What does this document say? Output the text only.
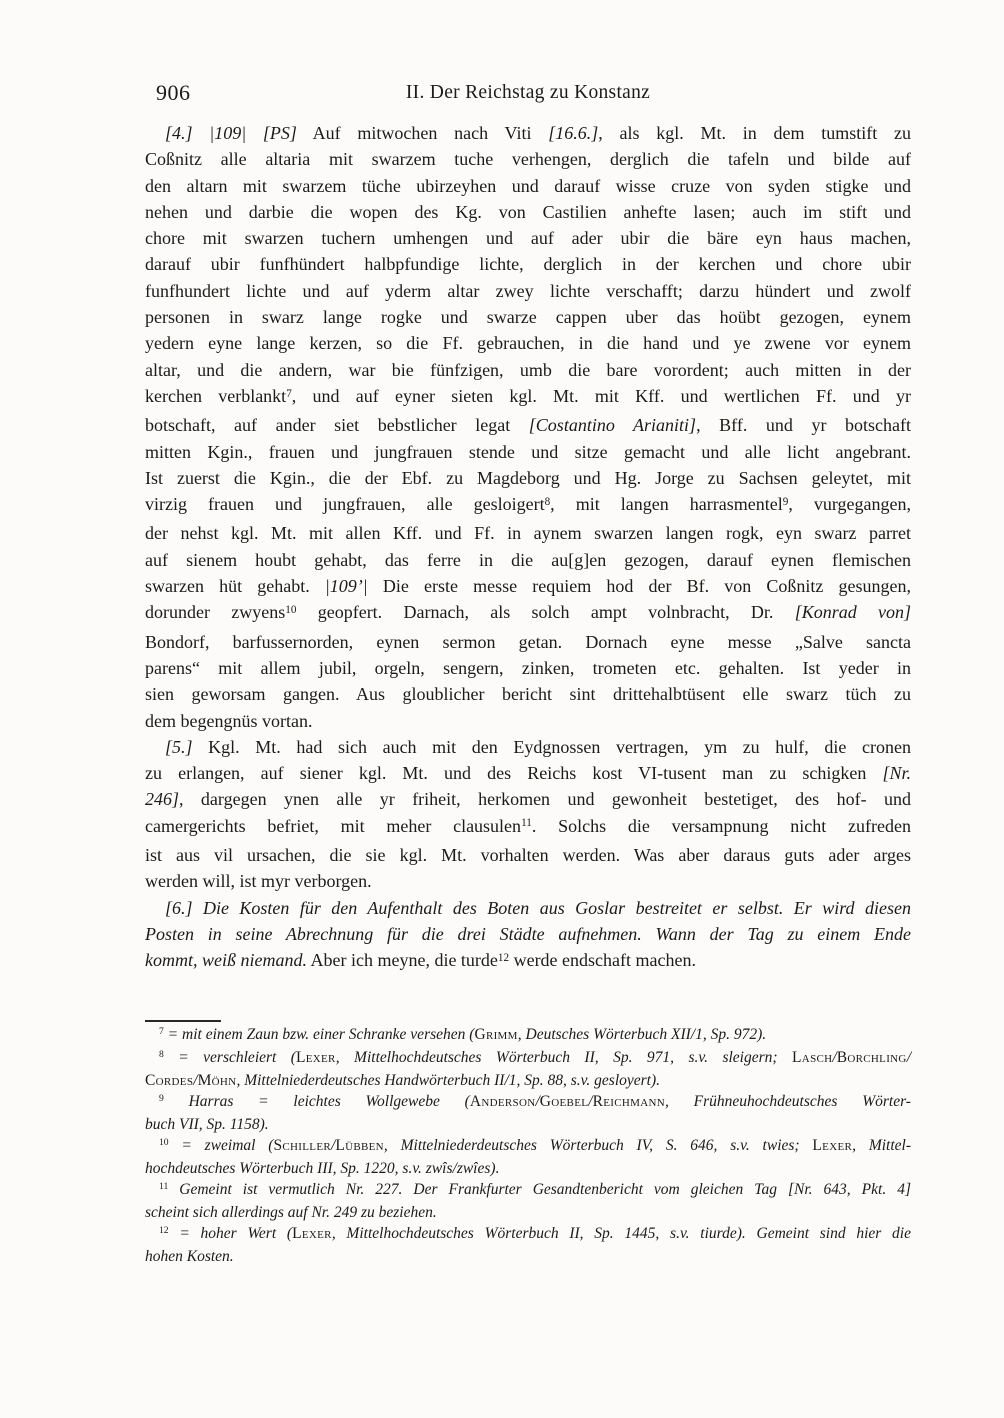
906	II. Der Reichstag zu Konstanz
[4.] |109| [PS] Auf mitwochen nach Viti [16.6.], als kgl. Mt. in dem tumstift zu
Coßnitz alle altaria mit swarzem tuche verhengen, derglich die tafeln und bilde auf
den altarn mit swarzem tüche ubirzeyhen und darauf wisse cruze von syden stigke und
nehen und darbie die wopen des Kg. von Castilien anhefte lasen; auch im stift und
chore mit swarzen tuchern umhengen und auf ader ubir die bäre eyn haus machen,
darauf ubir funfhündert halbpfundige lichte, derglich in der kerchen und chore ubir
funfhundert lichte und auf yderm altar zwey lichte verschafft; darzu hündert und zwolf
personen in swarz lange rogke und swarze cappen uber das hoübt gezogen, eynem
yedern eyne lange kerzen, so die Ff. gebrauchen, in die hand und ye zwene vor eynem
altar, und die andern, war bie fünfzigen, umb die bare vorordent; auch mitten in der
kerchen verblankt$^7$, und auf eyner sieten kgl. Mt. mit Kff. und wertlichen Ff. und yr
botschaft, auf ander siet bebstlicher legat [Costantino Arianiti], Bff. und yr botschaft
mitten Kgin., frauen und jungfrauen stende und sitze gemacht und alle licht angebrant.
Ist zuerst die Kgin., die der Ebf. zu Magdeborg und Hg. Jorge zu Sachsen geleytet, mit
virzig frauen und jungfrauen, alle gesloigert$^8$, mit langen harrasmentel$^9$, vurgegangen,
der nehst kgl. Mt. mit allen Kff. und Ff. in aynem swarzen langen rogk, eyn swarz parret
auf sienem houbt gehabt, das ferre in die au[g]en gezogen, darauf eynen flemischen
swarzen hüt gehabt. |109’| Die erste messe requiem hod der Bf. von Coßnitz gesungen,
dorunder zwyens$^{10}$ geopfert. Darnach, als solch ampt volnbracht, Dr. [Konrad von]
Bondorf, barfussernorden, eynen sermon getan. Dornach eyne messe „Salve sancta
parens“ mit allem jubil, orgeln, sengern, zinken, trometen etc. gehalten. Ist yeder in
sien geworsam gangen. Aus gloublicher bericht sint drittehalbtüsent elle swarz tüch zu
dem begengnüs vortan.
[5.] Kgl. Mt. had sich auch mit den Eydgnossen vertragen, ym zu hulf, die cronen
zu erlangen, auf siener kgl. Mt. und des Reichs kost VI-tusent man zu schigken [Nr.
246], dargegen ynen alle yr friheit, herkomen und gewonheit bestetiget, des hof- und
camergerichts befriet, mit meher clausulen$^{11}$. Solchs die versampnung nicht zufreden
ist aus vil ursachen, die sie kgl. Mt. vorhalten werden. Was aber daraus guts ader arges
werden will, ist myr verborgen.
[6.] Die Kosten für den Aufenthalt des Boten aus Goslar bestreitet er selbst. Er wird diesen
Posten in seine Abrechnung für die drei Städte aufnehmen. Wann der Tag zu einem Ende
kommt, weiß niemand. Aber ich meyne, die turde$^{12}$ werde endschaft machen.
$^7$ = mit einem Zaun bzw. einer Schranke versehen (Grimm, Deutsches Wörterbuch XII/1, Sp. 972).
$^8$ = verschleiert (Lexer, Mittelhochdeutsches Wörterbuch II, Sp. 971, s.v. sleigern; Lasch/Borchling/
Cordes/Möhn, Mittelniederdeutsches Handwörterbuch II/1, Sp. 88, s.v. gesloyert).
$^9$ Harras = leichtes Wollgewebe (Anderson/Goebel/Reichmann, Frühneuhochdeutsches Wörter-
buch VII, Sp. 1158).
$^{10}$ = zweimal (Schiller/Lübben, Mittelniederdeutsches Wörterbuch IV, S. 646, s.v. twies; Lexer, Mittel-
hochdeutsches Wörterbuch III, Sp. 1220, s.v. zwîs/zwîes).
$^{11}$ Gemeint ist vermutlich Nr. 227. Der Frankfurter Gesandtenbericht vom gleichen Tag [Nr. 643, Pkt. 4]
scheint sich allerdings auf Nr. 249 zu beziehen.
$^{12}$ = hoher Wert (Lexer, Mittelhochdeutsches Wörterbuch II, Sp. 1445, s.v. tiurde). Gemeint sind hier die
hohen Kosten.
